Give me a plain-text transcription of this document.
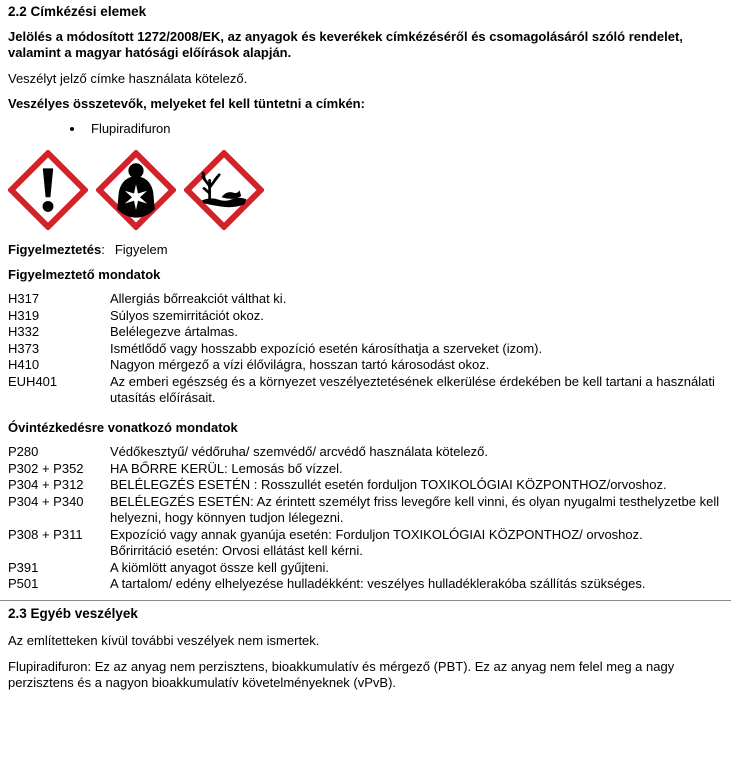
2.2 Címkézési elemek
Jelölés a módosított 1272/2008/EK, az anyagok és keverékek címkézéséről és csomagolásáról szóló rendelet, valamint a magyar hatósági előírások alapján.
Veszélyt jelző címke használata kötelező.
Veszélyes összetevők, melyeket fel kell tüntetni a címkén:
• Flupiradifuron
Figyelmeztetés: Figyelem
Figyelmeztető mondatok
H317	Allergiás bőrreakciót válthat ki.
H319	Súlyos szemirritációt okoz.
H332	Belélegezve ártalmas.
H373	Ismétlődő vagy hosszabb expozíció esetén károsíthatja a szerveket (izom).
H410	Nagyon mérgező a vízi élővilágra, hosszan tartó károsodást okoz.
EUH401	Az emberi egészség és a környezet veszélyeztetésének elkerülése érdekében be kell tartani a használati utasítás előírásait.
Óvintézkedésre vonatkozó mondatok
P280	Védőkesztyű/ védőruha/ szemvédő/ arcvédő használata kötelező.
P302 + P352	HA BŐRRE KERÜL: Lemosás bő vízzel.
P304 + P312	BELÉLEGZÉS ESETÉN : Rosszullét esetén forduljon TOXIKOLÓGIAI KÖZPONTHOZ/orvoshoz.
P304 + P340	BELÉLEGZÉS ESETÉN: Az érintett személyt friss levegőre kell vinni, és olyan nyugalmi testhelyzetbe kell helyezni, hogy könnyen tudjon lélegezni.
P308 + P311	Expozíció vagy annak gyanúja esetén: Forduljon TOXIKOLÓGIAI KÖZPONTHOZ/ orvoshoz.
Bőrirritáció esetén: Orvosi ellátást kell kérni.
P391	A kiömlött anyagot össze kell gyűjteni.
P501	A tartalom/ edény elhelyezése hulladékként: veszélyes hulladéklerakóba szállítás szükséges.
2.3 Egyéb veszélyek
Az említetteken kívül további veszélyek nem ismertek.
Flupiradifuron: Ez az anyag nem perzisztens, bioakkumulatív és mérgező (PBT). Ez az anyag nem felel meg a nagy perzisztens és a nagyon bioakkumulatív követelményeknek (vPvB).
